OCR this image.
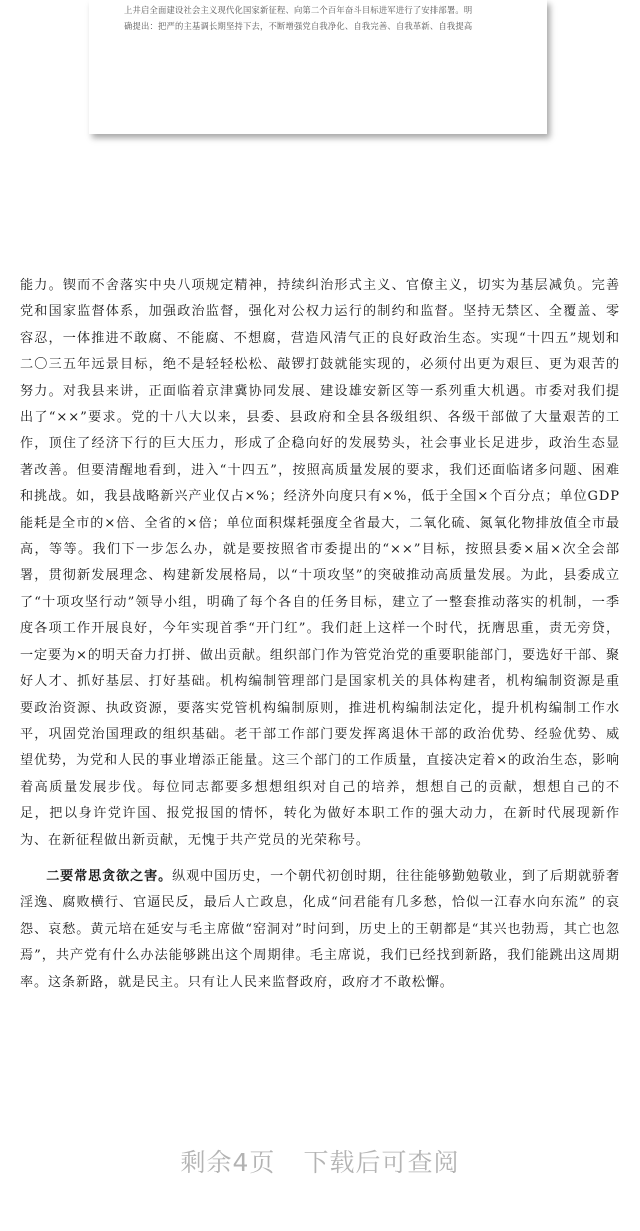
上井启全面建设社会主义现代化国家新征程、向第二个百年奋斗目标进军进行了安排部署。明
确提出：把严的主基调长期坚持下去，不断增强党自我净化、自我完善、自我革新、自我提高

能力。锲而不舍落实中央八项规定精神，持续纠治形式主义、官僚主义，切实为基层减负。完善党和国家监督体系，加强政治监督，强化对公权力运行的制约和监督。坚持无禁区、全覆盖、零容忍，一体推进不敢腐、不能腐、不想腐，营造风清气正的良好政治生态。实现“十四五”规划和二〇三五年远景目标，绝不是轻轻松松、敲锣打鼓就能实现的，必须付出更为艰巨、更为艰苦的努力。对我县来讲，正面临着京津冀协同发展、建设雄安新区等一系列重大机遇。市委对我们提出了“××”要求。党的十八大以来，县委、县政府和全县各级组织、各级干部做了大量艰苦的工作，顶住了经济下行的巨大压力，形成了企稳向好的发展势头，社会事业长足进步，政治生态显著改善。但要清醒地看到，进入“十四五”，按照高质量发展的要求，我们还面临诸多问题、困难和挑战。如，我县战略新兴产业仅占×%；经济外向度只有×%，低于全国×个百分点；单位GDP能耗是全市的×倍、全省的×倍；单位面积煤耗强度全省最大，二氧化硫、氮氧化物排放值全市最高，等等。我们下一步怎么办，就是要按照省市委提出的“××”目标，按照县委×届×次全会部署，贯彻新发展理念、构建新发展格局，以“十项攻坚”的突破推动高质量发展。为此，县委成立了“十项攻坚行动”领导小组，明确了每个各自的任务目标，建立了一整套推动落实的机制，一季度各项工作开展良好，今年实现首季“开门红”。我们赶上这样一个时代，抚膺思重，责无旁贷，一定要为×的明天奋力打拼、做出贡献。组织部门作为管党治党的重要职能部门，要选好干部、聚好人才、抓好基层、打好基础。机构编制管理部门是国家机关的具体构建者，机构编制资源是重要政治资源、执政资源，要落实党管机构编制原则，推进机构编制法定化，提升机构编制工作水平，巩固党治国理政的组织基础。老干部工作部门要发挥离退休干部的政治优势、经验优势、威望优势，为党和人民的事业增添正能量。这三个部门的工作质量，直接决定着×的政治生态，影响着高质量发展步伐。每位同志都要多想想组织对自己的培养，想想自己的贡献，想想自己的不足，把以身许党许国、报党报国的情怀，转化为做好本职工作的强大动力，在新时代展现新作为、在新征程做出新贡献，无愧于共产党员的光荣称号。

二要常思贪欲之害。纵观中国历史，一个朝代初创时期，往往能够勤勉敬业，到了后期就骄奢淫逸、腐败横行、官逼民反，最后人亡政息，化成“问君能有几多愁，恰似一江春水向东流” 的哀怨、哀愁。黄元培在延安与毛主席做“窑洞对”时问到，历史上的王朝都是“其兴也勃焉，其亡也忽焉”，共产党有什么办法能够跳出这个周期律。毛主席说，我们已经找到新路，我们能跳出这周期率。这条新路，就是民主。只有让人民来监督政府，政府才不敢松懈。

剩余4页 下载后可查阅
